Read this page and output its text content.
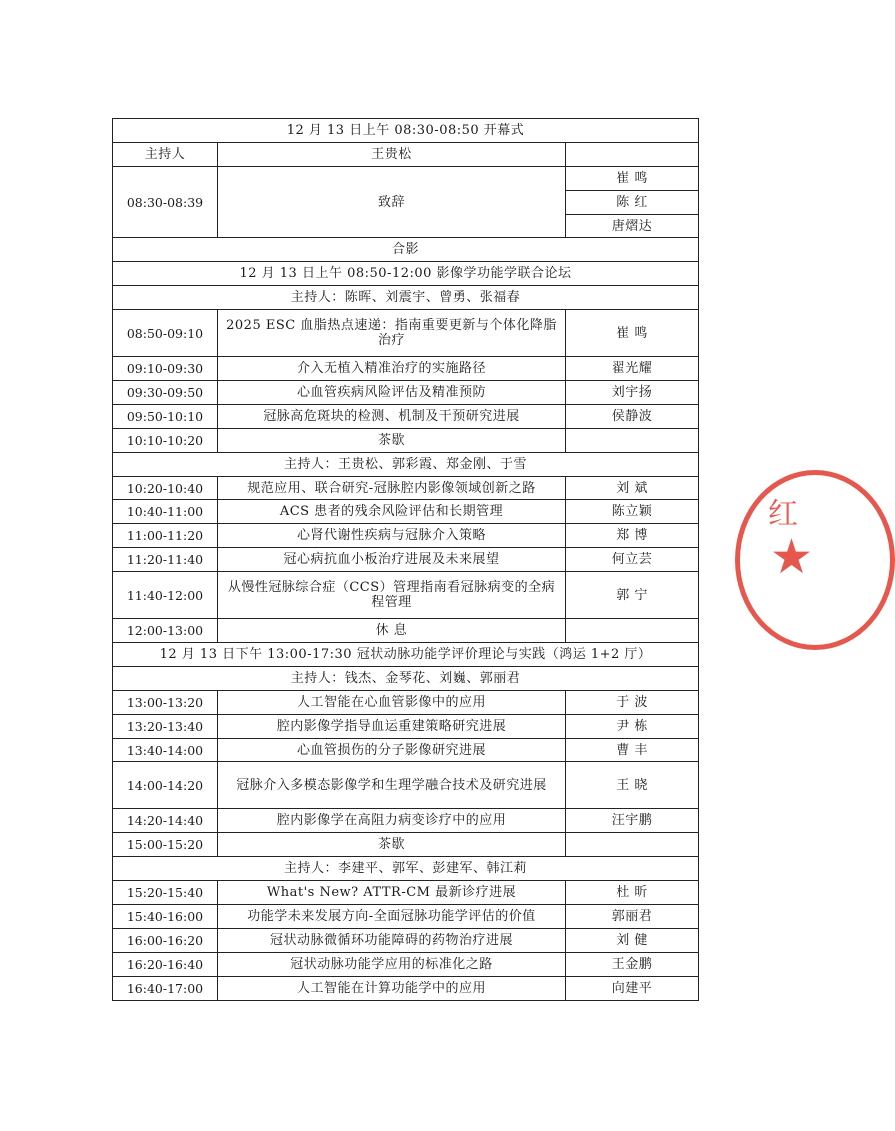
12 月 13 日上午 08:30-08:50 开幕式		
主持人	王贵松	
08:30-08:39	致辞	崔 鸣
		陈 红
		唐熠达
合影		
12 月 13 日上午 08:50-12:00 影像学功能学联合论坛		
主持人：陈晖、刘震宇、曾勇、张福春		
08:50-09:10	2025 ESC 血脂热点速递：指南重要更新与个体化降脂治疗	崔 鸣
09:10-09:30	介入无植入精准治疗的实施路径	翟光耀
09:30-09:50	心血管疾病风险评估及精准预防	刘宇扬
09:50-10:10	冠脉高危斑块的检测、机制及干预研究进展	侯静波
10:10-10:20	茶歇	
主持人：王贵松、郭彩霞、郑金刚、于雪		
10:20-10:40	规范应用、联合研究-冠脉腔内影像领域创新之路	刘 斌
10:40-11:00	ACS 患者的残余风险评估和长期管理	陈立颖
11:00-11:20	心肾代谢性疾病与冠脉介入策略	郑 博
11:20-11:40	冠心病抗血小板治疗进展及未来展望	何立芸
11:40-12:00	从慢性冠脉综合症（CCS）管理指南看冠脉病变的全病程管理	郭 宁
12:00-13:00	休 息	
12 月 13 日下午 13:00-17:30 冠状动脉功能学评价理论与实践（鸿运 1+2 厅）		
主持人：钱杰、金琴花、刘巍、郭丽君		
13:00-13:20	人工智能在心血管影像中的应用	于 波
13:20-13:40	腔内影像学指导血运重建策略研究进展	尹 栋
13:40-14:00	心血管损伤的分子影像研究进展	曹 丰
14:00-14:20	冠脉介入多模态影像学和生理学融合技术及研究进展	王 晓
14:20-14:40	腔内影像学在高阻力病变诊疗中的应用	汪宇鹏
15:00-15:20	茶歇	
主持人：李建平、郭军、彭建军、韩江莉		
15:20-15:40	What's New? ATTR-CM 最新诊疗进展	杜 昕
15:40-16:00	功能学未来发展方向-全面冠脉功能学评估的价值	郭丽君
16:00-16:20	冠状动脉微循环功能障碍的药物治疗进展	刘 健
16:20-16:40	冠状动脉功能学应用的标准化之路	王金鹏
16:40-17:00	人工智能在计算功能学中的应用	向建平
红
★
